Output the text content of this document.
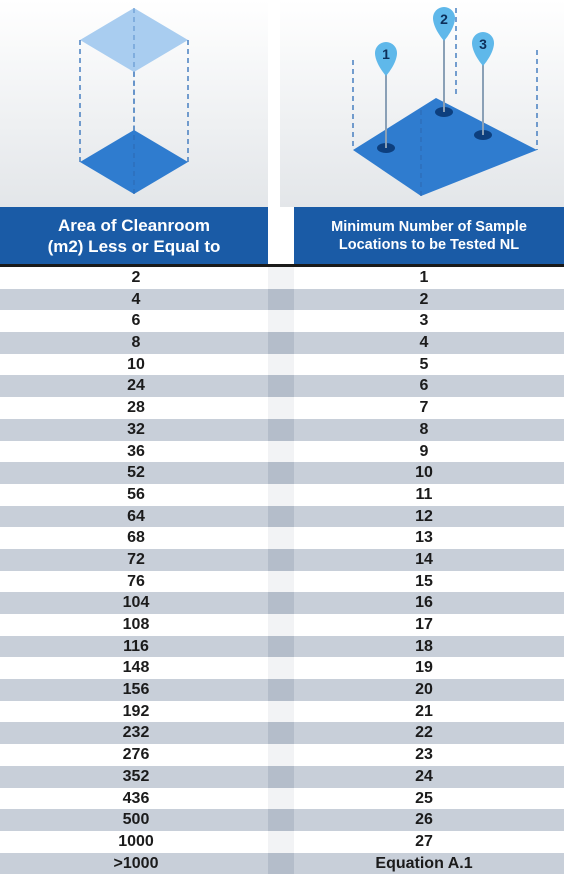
1
2
3
Area of Cleanroom
(m2) Less or Equal to
Minimum Number of Sample
Locations to be Tested NL
2	1
4	2
6	3
8	4
10	5
24	6
28	7
32	8
36	9
52	10
56	11
64	12
68	13
72	14
76	15
104	16
108	17
116	18
148	19
156	20
192	21
232	22
276	23
352	24
436	25
500	26
1000	27
>1000	Equation A.1
